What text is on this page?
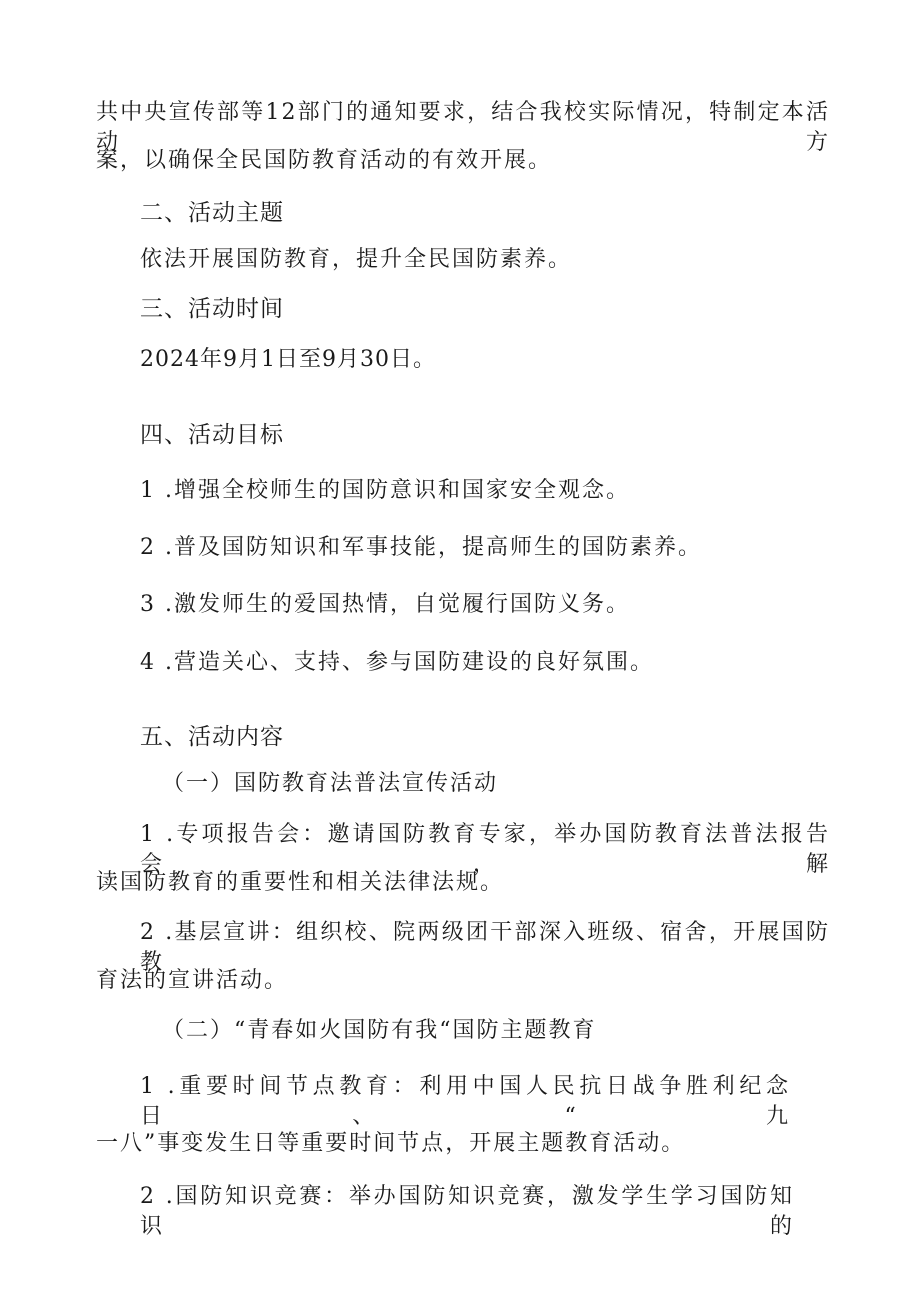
共中央宣传部等12部门的通知要求，结合我校实际情况，特制定本活动方
案，以确保全民国防教育活动的有效开展。
二、活动主题
依法开展国防教育，提升全民国防素养。
三、活动时间
2024年9月1日至9月30日。
四、活动目标
1 .增强全校师生的国防意识和国家安全观念。
2 .普及国防知识和军事技能，提高师生的国防素养。
3 .激发师生的爱国热情，自觉履行国防义务。
4 .营造关心、支持、参与国防建设的良好氛围。
五、活动内容
（一）国防教育法普法宣传活动
1 .专项报告会：邀请国防教育专家，举办国防教育法普法报告会，解
读国防教育的重要性和相关法律法规。
2 .基层宣讲：组织校、院两级团干部深入班级、宿舍，开展国防教
育法的宣讲活动。
（二）“青春如火国防有我“国防主题教育
1 .重要时间节点教育：利用中国人民抗日战争胜利纪念日、“九
一八”事变发生日等重要时间节点，开展主题教育活动。
2 .国防知识竞赛：举办国防知识竞赛，激发学生学习国防知识的
